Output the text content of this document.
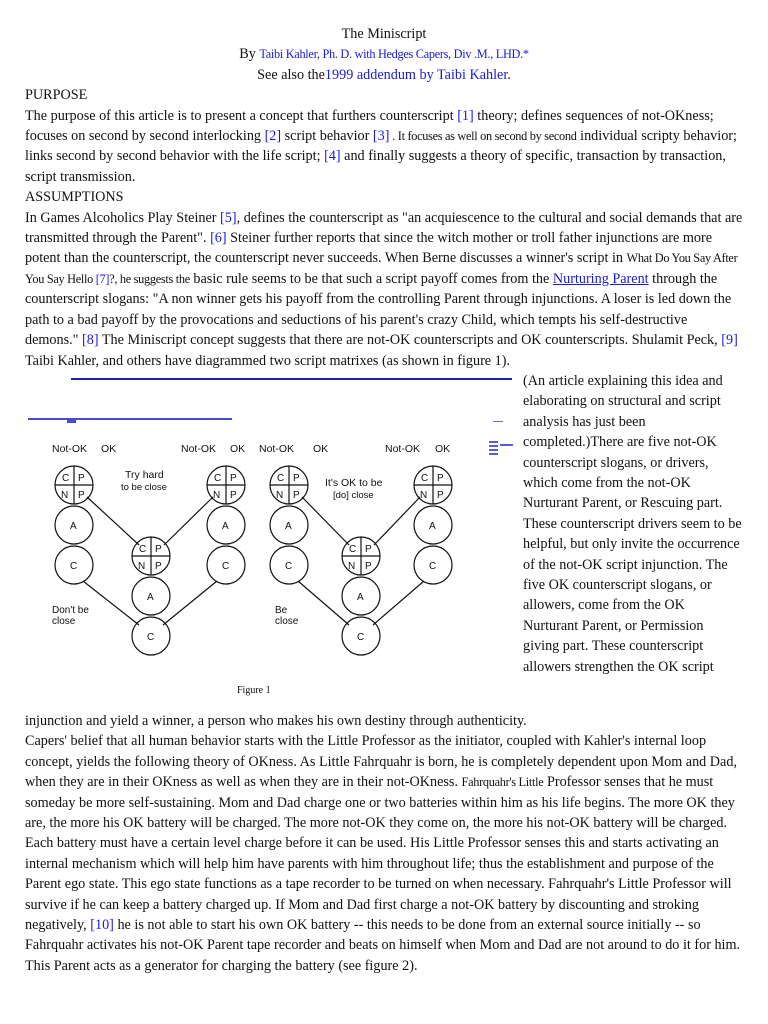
The Miniscript

By Taibi Kahler, Ph. D. with Hedges Capers, Div .M., LHD.*

See also the1999 addendum by Taibi Kahler.

PURPOSE

The purpose of this article is to present a concept that furthers counterscript [1] theory; defines sequences of not-OKness; focuses on second by second interlocking [2] script behavior [3] . It focuses as well on second by second individual scripty behavior; links second by second behavior with the life script; [4] and finally suggests a theory of specific, transaction by transaction, script transmission.

ASSUMPTIONS

In Games Alcoholics Play Steiner [5], defines the counterscript as "an acquiescence to the cultural and social demands that are transmitted through the Parent". [6] Steiner further reports that since the witch mother or troll father injunctions are more potent than the counterscript, the counterscript never succeeds. When Berne discusses a winner's script in What Do You Say After You Say Hello [7]?, he suggests the basic rule seems to be that such a script payoff comes from the Nurturing Parent through the counterscript slogans: "A non winner gets his payoff from the controlling Parent through injunctions. A loser is led down the path to a bad payoff by the provocations and seductions of his parent's crazy Child, which tempts his self-destructive demons." [8] The Miniscript concept suggests that there are not-OK counterscripts and OK counterscripts. Shulamit Peck, [9] Taibi Kahler, and others have diagrammed two script matrixes (as shown in figure 1).

Not-OK OK	Not-OK OK
C P
N P
A
C
C P
N P
A
C
C P
N P
A
C
Try hard
to be close
Don't be
close
Not-OK OK	Not-OK OK
C P
N P
A
C
C P
N P
A
C
C P
N P
A
C
It's OK to be
[do] close
Be
close
Figure 1

(An article explaining this idea and elaborating on structural and script analysis has just been completed.)There are five not-OK counterscript slogans, or drivers, which come from the not-OK Nurturant Parent, or Rescuing part. These counterscript drivers seem to be helpful, but only invite the occurrence of the not-OK script injunction. The five OK counterscript slogans, or allowers, come from the OK Nurturant Parent, or Permission giving part. These counterscript allowers strengthen the OK script

injunction and yield a winner, a person who makes his own destiny through authenticity.

Capers' belief that all human behavior starts with the Little Professor as the initiator, coupled with Kahler's internal loop concept, yields the following theory of OKness. As Little Fahrquahr is born, he is completely dependent upon Mom and Dad, when they are in their OKness as well as when they are in their not-OKness. Fahrquahr's Little Professor senses that he must someday be more self-sustaining. Mom and Dad charge one or two batteries within him as his life begins. The more OK they are, the more his OK battery will be charged. The more not-OK they come on, the more his not-OK battery will be charged. Each battery must have a certain level charge before it can be used. His Little Professor senses this and starts activating an internal mechanism which will help him have parents with him throughout life; thus the establishment and purpose of the Parent ego state. This ego state functions as a tape recorder to be turned on when necessary. Fahrquahr's Little Professor will survive if he can keep a battery charged up. If Mom and Dad first charge a not-OK battery by discounting and stroking negatively, [10] he is not able to start his own OK battery -- this needs to be done from an external source initially -- so Fahrquahr activates his not-OK Parent tape recorder and beats on himself when Mom and Dad are not around to do it for him. This Parent acts as a generator for charging the battery (see figure 2).
